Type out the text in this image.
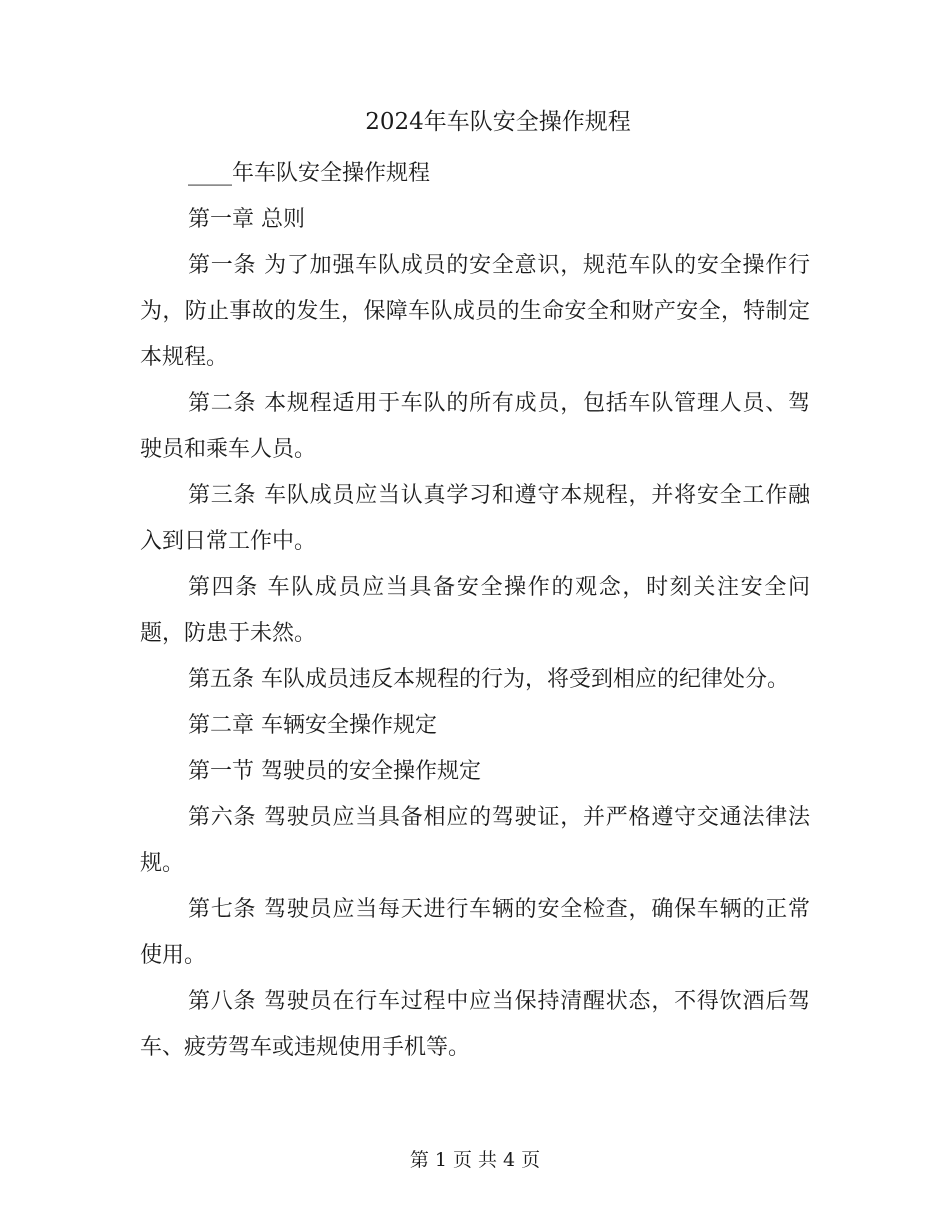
2024年车队安全操作规程

____年车队安全操作规程

第一章 总则

第一条 为了加强车队成员的安全意识，规范车队的安全操作行为，防止事故的发生，保障车队成员的生命安全和财产安全，特制定本规程。

第二条 本规程适用于车队的所有成员，包括车队管理人员、驾驶员和乘车人员。

第三条 车队成员应当认真学习和遵守本规程，并将安全工作融入到日常工作中。

第四条 车队成员应当具备安全操作的观念，时刻关注安全问题，防患于未然。

第五条 车队成员违反本规程的行为，将受到相应的纪律处分。

第二章 车辆安全操作规定

第一节 驾驶员的安全操作规定

第六条 驾驶员应当具备相应的驾驶证，并严格遵守交通法律法规。

第七条 驾驶员应当每天进行车辆的安全检查，确保车辆的正常使用。

第八条 驾驶员在行车过程中应当保持清醒状态，不得饮酒后驾车、疲劳驾车或违规使用手机等。

第 1 页 共 4 页
